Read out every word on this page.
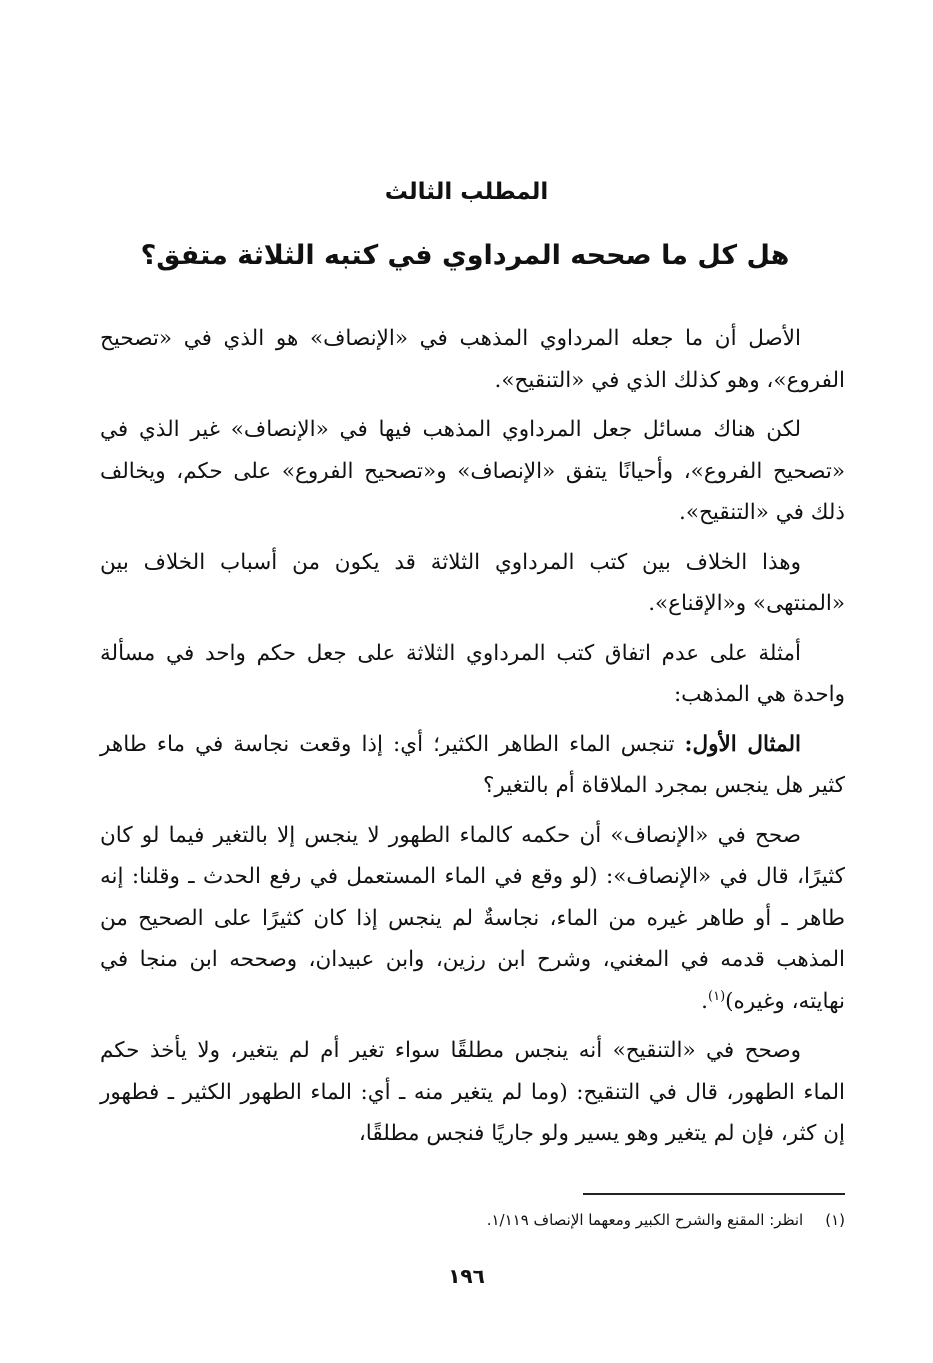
المطلب الثالث
هل كل ما صححه المرداوي في كتبه الثلاثة متفق؟

الأصل أن ما جعله المرداوي المذهب في «الإنصاف» هو الذي في «تصحيح الفروع»، وهو كذلك الذي في «التنقيح».

لكن هناك مسائل جعل المرداوي المذهب فيها في «الإنصاف» غير الذي في «تصحيح الفروع»، وأحيانًا يتفق «الإنصاف» و«تصحيح الفروع» على حكم، ويخالف ذلك في «التنقيح».

وهذا الخلاف بين كتب المرداوي الثلاثة قد يكون من أسباب الخلاف بين «المنتهى» و«الإقناع».

أمثلة على عدم اتفاق كتب المرداوي الثلاثة على جعل حكم واحد في مسألة واحدة هي المذهب:

المثال الأول: تنجس الماء الطاهر الكثير؛ أي: إذا وقعت نجاسة في ماء طاهر كثير هل ينجس بمجرد الملاقاة أم بالتغير؟

صحح في «الإنصاف» أن حكمه كالماء الطهور لا ينجس إلا بالتغير فيما لو كان كثيرًا، قال في «الإنصاف»: (لو وقع في الماء المستعمل في رفع الحدث ـ وقلنا: إنه طاهر ـ أو طاهر غيره من الماء، نجاسةٌ لم ينجس إذا كان كثيرًا على الصحيح من المذهب قدمه في المغني، وشرح ابن رزين، وابن عبيدان، وصححه ابن منجا في نهايته، وغيره)$^{(١)}$.

وصحح في «التنقيح» أنه ينجس مطلقًا سواء تغير أم لم يتغير، ولا يأخذ حكم الماء الطهور، قال في التنقيح: (وما لم يتغير منه ـ أي: الماء الطهور الكثير ـ فطهور إن كثر، فإن لم يتغير وهو يسير ولو جاريًا فنجس مطلقًا،

(١)انظر: المقنع والشرح الكبير ومعهما الإنصاف ١/١١٩.
١٩٦
